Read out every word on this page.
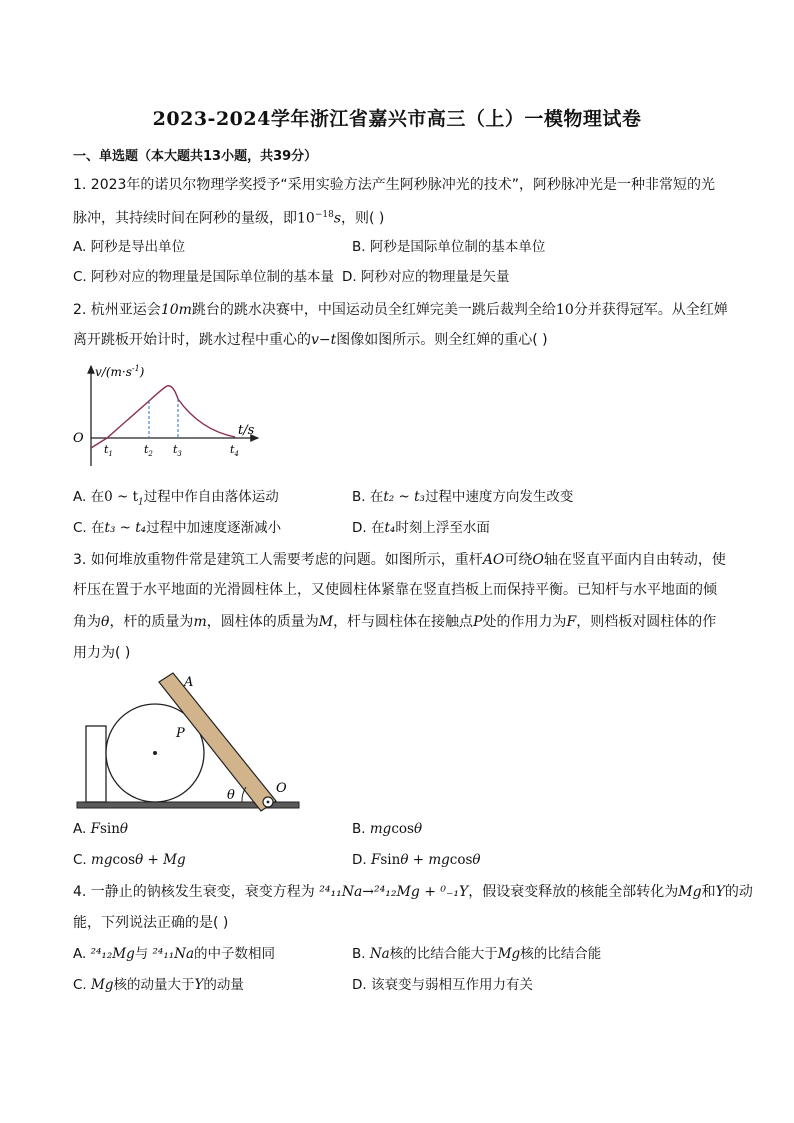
2023-2024学年浙江省嘉兴市高三（上）一模物理试卷
一、单选题（本大题共13小题，共39分）
1. 2023年的诺贝尔物理学奖授予“采用实验方法产生阿秒脉冲光的技术”，阿秒脉冲光是一种非常短的光
脉冲，其持续时间在阿秒的量级，即$10^{-18}s$，则( )
A. 阿秒是导出单位	B. 阿秒是国际单位制的基本单位
C. 阿秒对应的物理量是国际单位制的基本量 D. 阿秒对应的物理量是矢量
2. 杭州亚运会10m跳台的跳水决赛中，中国运动员全红婵完美一跳后裁判全给10分并获得冠军。从全红婵
离开跳板开始计时，跳水过程中重心的v−t图像如图所示。则全红婵的重心( )
$v/(m\cdot s^{-1})$
t/s
O
$t_1$	$t_2$ $t_3$	$t_4$
A. 在0 ~ $t_1$过程中作自由落体运动	B. 在t₂ ~ t₃过程中速度方向发生改变
C. 在t₃ ~ t₄过程中加速度逐渐减小	D. 在t₄时刻上浮至水面
3. 如何堆放重物件常是建筑工人需要考虑的问题。如图所示，重杆AO可绕O轴在竖直平面内自由转动，使
杆压在置于水平地面的光滑圆柱体上，又使圆柱体紧靠在竖直挡板上而保持平衡。已知杆与水平地面的倾
角为θ，杆的质量为m，圆柱体的质量为M，杆与圆柱体在接触点P处的作用力为F，则档板对圆柱体的作
用力为( )
A
P
O
θ
A. Fsinθ	B. mgcosθ
C. mgcosθ + Mg	D. Fsinθ + mgcosθ
4. 一静止的钠核发生衰变，衰变方程为 ²⁴₁₁Na→²⁴₁₂Mg + ⁰₋₁Y，假设衰变释放的核能全部转化为Mg和Y的动
能，下列说法正确的是( )
A. ²⁴₁₂Mg与 ²⁴₁₁Na的中子数相同	B. Na核的比结合能大于Mg核的比结合能
C. Mg核的动量大于Y的动量	D. 该衰变与弱相互作用力有关
